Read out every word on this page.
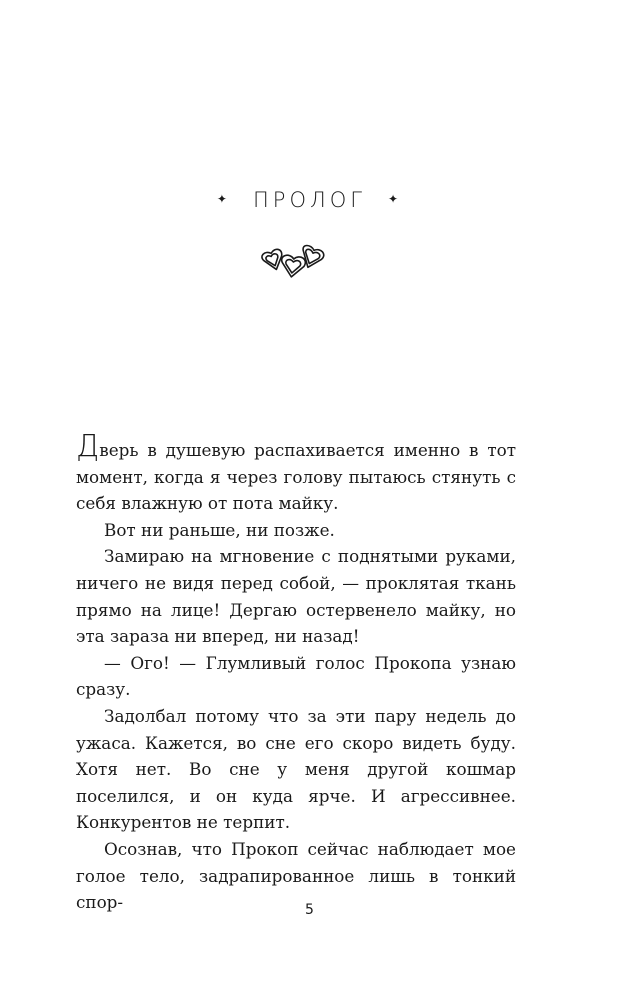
✦ ПРОЛОГ ✦

Дверь в душевую распахивается именно в тот момент, когда я через голову пытаюсь стянуть с себя влажную от пота майку.

Вот ни раньше, ни позже.

Замираю на мгновение с поднятыми руками, ничего не видя перед собой, — проклятая ткань прямо на лице! Дергаю остервенело майку, но эта зараза ни вперед, ни назад!

— Ого! — Глумливый голос Прокопа узнаю сразу.

Задолбал потому что за эти пару недель до ужаса. Кажется, во сне его скоро видеть буду. Хотя нет. Во сне у меня другой кошмар поселился, и он куда ярче. И агрессивнее. Конкурентов не терпит.

Осознав, что Прокоп сейчас наблюдает мое голое тело, задрапированное лишь в тонкий спор-	5
